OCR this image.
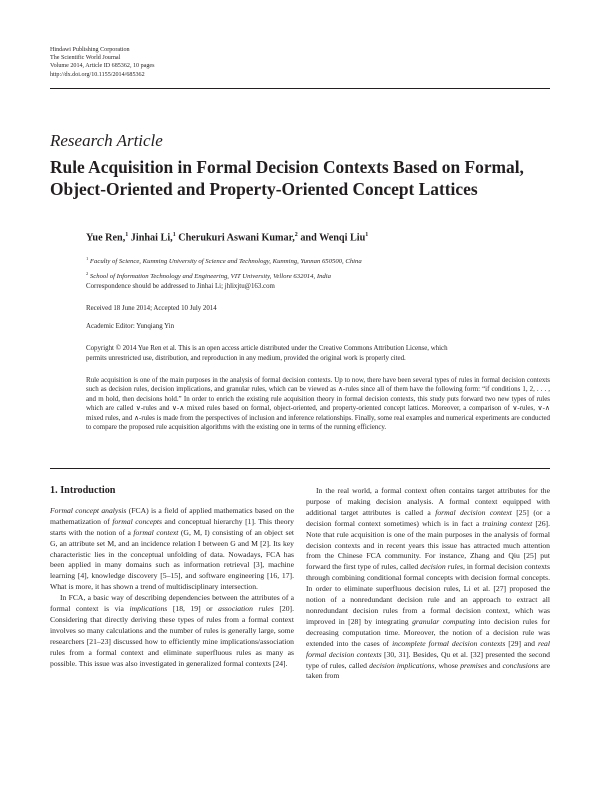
Hindawi Publishing Corporation
The Scientific World Journal
Volume 2014, Article ID 685362, 10 pages
http://dx.doi.org/10.1155/2014/685362
Research Article
Rule Acquisition in Formal Decision Contexts Based on Formal,
Object-Oriented and Property-Oriented Concept Lattices
Yue Ren,$^1$ Jinhai Li,$^1$ Cherukuri Aswani Kumar,$^2$ and Wenqi Liu$^1$
$^1$ Faculty of Science, Kunming University of Science and Technology, Kunming, Yunnan 650500, China
$^2$ School of Information Technology and Engineering, VIT University, Vellore 632014, India
Correspondence should be addressed to Jinhai Li; jhlixjtu@163.com
Received 18 June 2014; Accepted 10 July 2014
Academic Editor: Yunqiang Yin
Copyright © 2014 Yue Ren et al. This is an open access article distributed under the Creative Commons Attribution License, which
permits unrestricted use, distribution, and reproduction in any medium, provided the original work is properly cited.
Rule acquisition is one of the main purposes in the analysis of formal decision contexts. Up to now, there have been several types of rules in formal decision contexts such as decision rules, decision implications, and granular rules, which can be viewed as ∧-rules since all of them have the following form: “if conditions 1, 2, . . . , and m hold, then decisions hold.” In order to enrich the existing rule acquisition theory in formal decision contexts, this study puts forward two new types of rules which are called ∨-rules and ∨-∧ mixed rules based on formal, object-oriented, and property-oriented concept lattices. Moreover, a comparison of ∨-rules, ∨-∧ mixed rules, and ∧-rules is made from the perspectives of inclusion and inference relationships. Finally, some real examples and numerical experiments are conducted to compare the proposed rule acquisition algorithms with the existing one in terms of the running efficiency.
1. Introduction

Formal concept analysis (FCA) is a field of applied mathematics based on the mathematization of formal concepts and conceptual hierarchy [1]. This theory starts with the notion of a formal context (G, M, I) consisting of an object set G, an attribute set M, and an incidence relation I between G and M [2]. Its key characteristic lies in the conceptual unfolding of data. Nowadays, FCA has been applied in many domains such as information retrieval [3], machine learning [4], knowledge discovery [5–15], and software engineering [16, 17]. What is more, it has shown a trend of multidisciplinary intersection.

In FCA, a basic way of describing dependencies between the attributes of a formal context is via implications [18, 19] or association rules [20]. Considering that directly deriving these types of rules from a formal context involves so many calculations and the number of rules is generally large, some researchers [21–23] discussed how to efficiently mine implications/association rules from a formal context and eliminate superfluous rules as many as possible. This issue was also investigated in generalized formal contexts [24].

In the real world, a formal context often contains target attributes for the purpose of making decision analysis. A formal context equipped with additional target attributes is called a formal decision context [25] (or a decision formal context sometimes) which is in fact a training context [26]. Note that rule acquisition is one of the main purposes in the analysis of formal decision contexts and in recent years this issue has attracted much attention from the Chinese FCA community. For instance, Zhang and Qiu [25] put forward the first type of rules, called decision rules, in formal decision contexts through combining conditional formal concepts with decision formal concepts. In order to eliminate superfluous decision rules, Li et al. [27] proposed the notion of a nonredundant decision rule and an approach to extract all nonredundant decision rules from a formal decision context, which was improved in [28] by integrating granular computing into decision rules for decreasing computation time. Moreover, the notion of a decision rule was extended into the cases of incomplete formal decision contexts [29] and real formal decision contexts [30, 31]. Besides, Qu et al. [32] presented the second type of rules, called decision implications, whose premises and conclusions are taken from
